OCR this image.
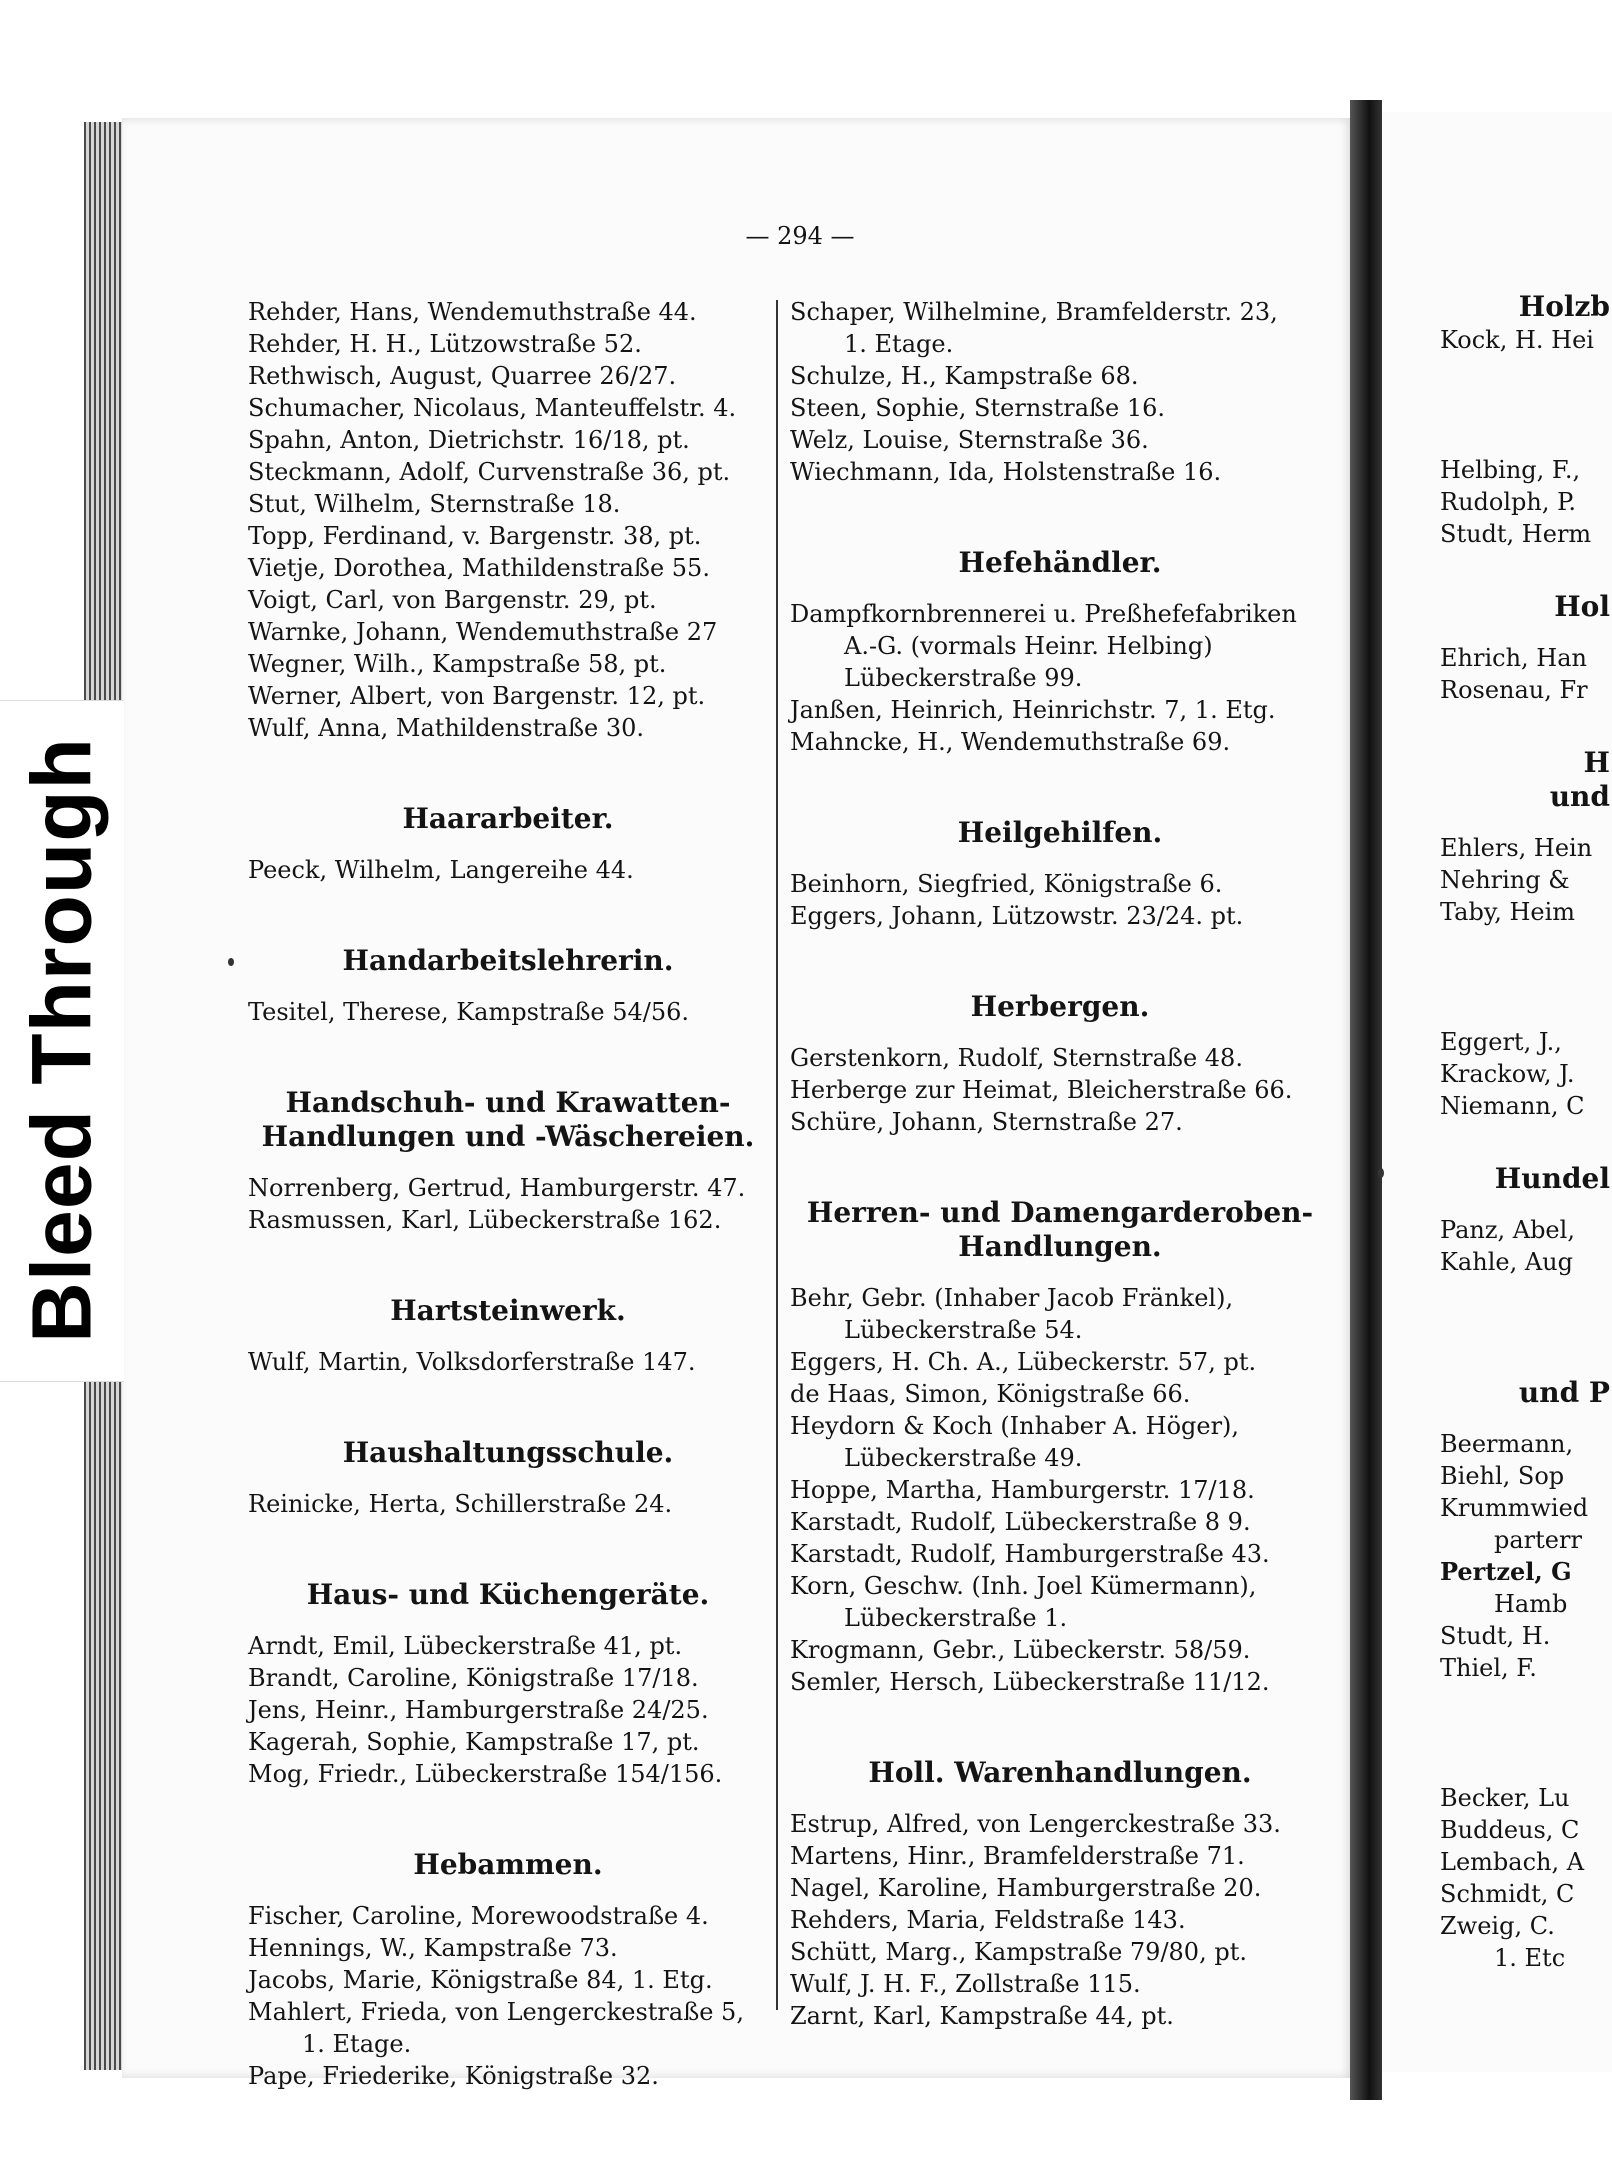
Bleed Through
— 294 —
Rehder, Hans, Wendemuthstraße 44.
Rehder, H. H., Lützowstraße 52.
Rethwisch, August, Quarree 26/27.
Schumacher, Nicolaus, Manteuffelstr. 4.
Spahn, Anton, Dietrichstr. 16/18, pt.
Steckmann, Adolf, Curvenstraße 36, pt.
Stut, Wilhelm, Sternstraße 18.
Topp, Ferdinand, v. Bargenstr. 38, pt.
Vietje, Dorothea, Mathildenstraße 55.
Voigt, Carl, von Bargenstr. 29, pt.
Warnke, Johann, Wendemuthstraße 27
Wegner, Wilh., Kampstraße 58, pt.
Werner, Albert, von Bargenstr. 12, pt.
Wulf, Anna, Mathildenstraße 30.
Haararbeiter.
Peeck, Wilhelm, Langereihe 44.
Handarbeitslehrerin.
Tesitel, Therese, Kampstraße 54/56.
Handschuh- und Krawatten-
Handlungen und -Wäschereien.
Norrenberg, Gertrud, Hamburgerstr. 47.
Rasmussen, Karl, Lübeckerstraße 162.
Hartsteinwerk.
Wulf, Martin, Volksdorferstraße 147.
Haushaltungsschule.
Reinicke, Herta, Schillerstraße 24.
Haus- und Küchengeräte.
Arndt, Emil, Lübeckerstraße 41, pt.
Brandt, Caroline, Königstraße 17/18.
Jens, Heinr., Hamburgerstraße 24/25.
Kagerah, Sophie, Kampstraße 17, pt.
Mog, Friedr., Lübeckerstraße 154/156.
Hebammen.
Fischer, Caroline, Morewoodstraße 4.
Hennings, W., Kampstraße 73.
Jacobs, Marie, Königstraße 84, 1. Etg.
Mahlert, Frieda, von Lengerckestraße 5,
1. Etage.
Pape, Friederike, Königstraße 32.
Schaper, Wilhelmine, Bramfelderstr. 23,
1. Etage.
Schulze, H., Kampstraße 68.
Steen, Sophie, Sternstraße 16.
Welz, Louise, Sternstraße 36.
Wiechmann, Ida, Holstenstraße 16.
Hefehändler.
Dampfkornbrennerei u. Preßhefefabriken
A.-G. (vormals Heinr. Helbing)
Lübeckerstraße 99.
Janßen, Heinrich, Heinrichstr. 7, 1. Etg.
Mahncke, H., Wendemuthstraße 69.
Heilgehilfen.
Beinhorn, Siegfried, Königstraße 6.
Eggers, Johann, Lützowstr. 23/24. pt.
Herbergen.
Gerstenkorn, Rudolf, Sternstraße 48.
Herberge zur Heimat, Bleicherstraße 66.
Schüre, Johann, Sternstraße 27.
Herren- und Damengarderoben-
Handlungen.
Behr, Gebr. (Inhaber Jacob Fränkel),
Lübeckerstraße 54.
Eggers, H. Ch. A., Lübeckerstr. 57, pt.
de Haas, Simon, Königstraße 66.
Heydorn & Koch (Inhaber A. Höger),
Lübeckerstraße 49.
Hoppe, Martha, Hamburgerstr. 17/18.
Karstadt, Rudolf, Lübeckerstraße 8 9.
Karstadt, Rudolf, Hamburgerstraße 43.
Korn, Geschw. (Inh. Joel Kümermann),
Lübeckerstraße 1.
Krogmann, Gebr., Lübeckerstr. 58/59.
Semler, Hersch, Lübeckerstraße 11/12.
Holl. Warenhandlungen.
Estrup, Alfred, von Lengerckestraße 33.
Martens, Hinr., Bramfelderstraße 71.
Nagel, Karoline, Hamburgerstraße 20.
Rehders, Maria, Feldstraße 143.
Schütt, Marg., Kampstraße 79/80, pt.
Wulf, J. H. F., Zollstraße 115.
Zarnt, Karl, Kampstraße 44, pt.
Holzb
Kock, H. Hei
Helbing, F.,
Rudolph, P.
Studt, Herm
Hol
Ehrich, Han
Rosenau, Fr
H
und
Ehlers, Hein
Nehring &
Taby, Heim
Eggert, J.,
Krackow, J.
Niemann, C
Hundel
Panz, Abel,
Kahle, Aug
und P
Beermann,
Biehl, Sop
Krummwied
parterr
Pertzel, G
Hamb
Studt, H.
Thiel, F.
Becker, Lu
Buddeus, C
Lembach, A
Schmidt, C
Zweig, C.
1. Etc
